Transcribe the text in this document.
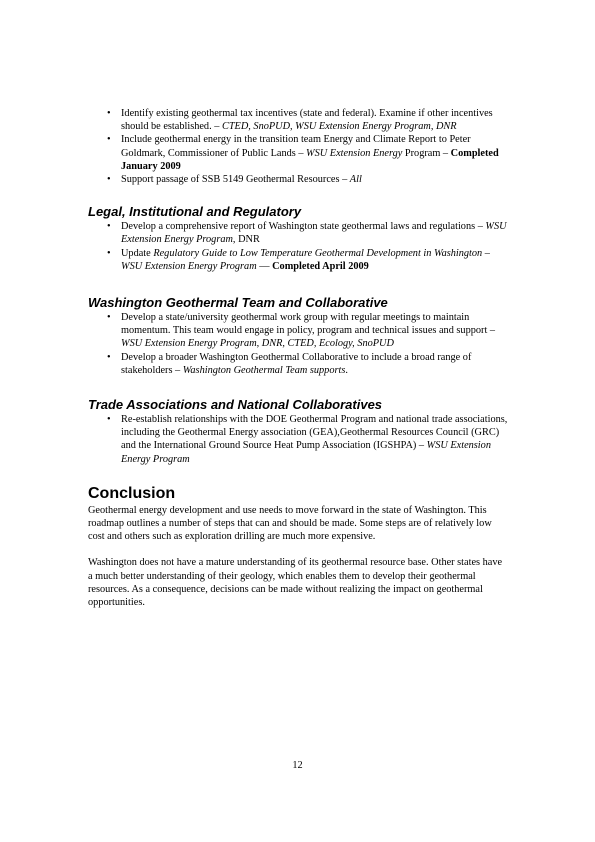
• Identify existing geothermal tax incentives (state and federal). Examine if other incentives should be established. – CTED, SnoPUD, WSU Extension Energy Program, DNR
• Include geothermal energy in the transition team Energy and Climate Report to Peter Goldmark, Commissioner of Public Lands – WSU Extension Energy Program – Completed January 2009
• Support passage of SSB 5149 Geothermal Resources – All
Legal, Institutional and Regulatory
• Develop a comprehensive report of Washington state geothermal laws and regulations – WSU Extension Energy Program, DNR
• Update Regulatory Guide to Low Temperature Geothermal Development in Washington – WSU Extension Energy Program — Completed April 2009
Washington Geothermal Team and Collaborative
• Develop a state/university geothermal work group with regular meetings to maintain momentum. This team would engage in policy, program and technical issues and support – WSU Extension Energy Program, DNR, CTED, Ecology, SnoPUD
• Develop a broader Washington Geothermal Collaborative to include a broad range of stakeholders – Washington Geothermal Team supports.
Trade Associations and National Collaboratives
• Re-establish relationships with the DOE Geothermal Program and national trade associations, including the Geothermal Energy association (GEA),Geothermal Resources Council (GRC) and the International Ground Source Heat Pump Association (IGSHPA) – WSU Extension Energy Program
Conclusion

Geothermal energy development and use needs to move forward in the state of Washington. This roadmap outlines a number of steps that can and should be made. Some steps are of relatively low cost and others such as exploration drilling are much more expensive.

Washington does not have a mature understanding of its geothermal resource base. Other states have a much better understanding of their geology, which enables them to develop their geothermal resources. As a consequence, decisions can be made without realizing the impact on geothermal opportunities.

12
